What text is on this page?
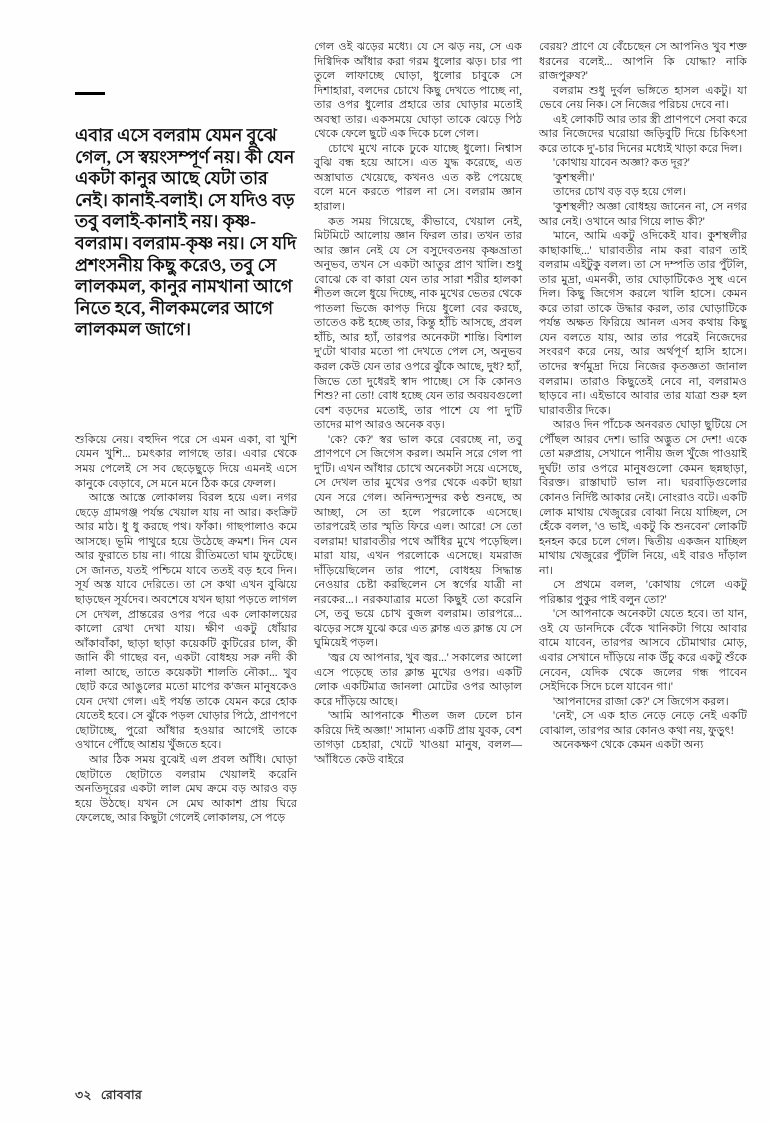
এবার এসে বলরাম যেমন বুঝে গেল, সে স্বয়ংসম্পূর্ণ নয়। কী যেন একটা কানুর আছে যেটা তার নেই। কানাই-বলাই। সে যদিও বড় তবু বলাই-কানাই নয়। কৃষ্ণ-বলরাম। বলরাম-কৃষ্ণ নয়। সে যদি প্রশংসনীয় কিছু করেও, তবু সে লালকমল, কানুর নামখানা আগে নিতে হবে, নীলকমলের আগে লালকমল জাগে।

শুকিয়ে নেয়। বহুদিন পরে সে এমন একা, বা খুশি যেমন খুশি... চমৎকার লাগছে তার। এবার থেকে সময় পেলেই সে সব ছেড়েছুড়ে দিয়ে এমনই এসে কানুকে বেড়াবে, সে মনে মনে ঠিক করে ফেলল।

আস্তে আস্তে লোকালয় বিরল হয়ে এল। নগর ছেড়ে গ্রামগঞ্জ পর্যন্ত খেয়াল যায় না আর। কংক্রিট আর মাঠ। ধু ধু করছে পথ। ফাঁকা। গাছপালাও কমে আসছে। ভূমি পাথুরে হয়ে উঠেছে ক্রমশ। দিন যেন আর ফুরাতে চায় না। গায়ে রীতিমতো ঘাম ফুটেছে। সে জানত, যতই পশ্চিমে যাবে ততই বড় হবে দিন। সূর্য অস্ত যাবে দেরিতে। তা সে কথা এখন বুঝিয়ে ছাড়ছেন সূর্যদেব। অবশেষে যখন ছায়া পড়তে লাগল সে দেখল, প্রান্তরের ওপর পরে এক লোকালয়ের কালো রেখা দেখা যায়। ক্ষীণ একটু ধোঁয়ার আঁকাবাঁকা, ছাড়া ছাড়া কয়েকটি কুটিরের চাল, কী জানি কী গাছের বন, একটা বোধহয় সরু নদী কী নালা আছে, তাতে কয়েকটা শালতি নৌকা... খুব ছোট করে আঙুলের মতো মাপের ক'জন মানুষকেও যেন দেখা গেল। এই পর্যন্ত তাকে যেমন করে হোক যেতেই হবে। সে ঝুঁকে পড়ল ঘোড়ার পিঠে, প্রাণপণে ছোটাচ্ছে, পুরো আঁধার হওয়ার আগেই তাকে ওখানে পৌঁছে আশ্রয় খুঁজতে হবে।

আর ঠিক সময় বুঝেই এল প্রবল আঁধি। ঘোড়া ছোটাতে ছোটাতে বলরাম খেয়ালই করেনি অনতিদূরের একটা লাল মেঘ ক্রমে বড় আরও বড় হয়ে উঠছে। যখন সে মেঘ আকাশ প্রায় ঘিরে ফেলেছে, আর কিছুটা গেলেই লোকালয়, সে পড়ে

গেল ওই ঝড়ের মধ্যে। যে সে ঝড় নয়, সে এক দিগ্বিদিক আঁধার করা গরম ধুলোর ঝড়। চার পা তুলে লাফাচ্ছে ঘোড়া, ধুলোর চাবুকে সে দিশাহারা, বলদের চোখে কিছু দেখতে পাচ্ছে না, তার ওপর ধুলোর প্রহারে তার ঘোড়ার মতোই অবস্থা তার। একসময়ে ঘোড়া তাকে ঝেড়ে পিঠ থেকে ফেলে ছুটে এক দিকে চলে গেল।

চোখে মুখে নাকে ঢুকে যাচ্ছে ধুলো। নিশ্বাস বুঝি বন্ধ হয়ে আসে। এত যুদ্ধ করেছে, এত অস্ত্রাঘাত খেয়েছে, কখনও এত কষ্ট পেয়েছে বলে মনে করতে পারল না সে। বলরাম জ্ঞান হারাল।

কত সময় গিয়েছে, কীভাবে, খেয়াল নেই, মিটমিটে আলোয় জ্ঞান ফিরল তার। তখন তার আর জ্ঞান নেই যে সে বসুদেবতনয় কৃষ্ণভ্রাতা অনুভব, তখন সে একটা আতুর প্রাণ খালি। শুধু বোঝে কে বা কারা যেন তার সারা শরীর হালকা শীতল জলে ধুয়ে দিচ্ছে, নাক মুখের ভেতর থেকে পাতলা ভিজে কাপড় দিয়ে ধুলো বের করছে, তাতেও কষ্ট হচ্ছে তার, কিন্তু হাঁচি আসছে, প্রবল হাঁচি, আর হ্যাঁ, তারপর অনেকটা শান্তি। বিশাল দু'টো থাবার মতো পা দেখতে পেল সে, অনুভব করল কেউ যেন তার ওপরে ঝুঁকে আছে, দুধ? হ্যাঁ, জিভে তো দুধেরই স্বাদ পাচ্ছে। সে কি কোনও শিশু? না তো! বোধ হচ্ছে যেন তার অবয়বগুলো বেশ বড়দের মতোই, তার পাশে যে পা দু'টি তাদের মাপ আরও অনেক বড়।

'কে? কে?' স্বর ভাল করে বেরচ্ছে না, তবু প্রাণপণে সে জিগেস করল। অমনি সরে গেল পা দু'টি। এখন আঁধার চোখে অনেকটা সয়ে এসেছে, সে দেখল তার মুখের ওপর থেকে একটা ছায়া যেন সরে গেল। অনিন্দ্যসুন্দর কণ্ঠ শুনছে, অ আচ্ছা, সে তা হলে পরলোকে এসেছে। তারপরেই তার স্মৃতি ফিরে এল। আরে! সে তো বলরাম! ঘারাবতীর পথে আঁধির মুখে পড়েছিল। মারা যায়, এখন পরলোকে এসেছে। যমরাজ দাঁড়িয়েছিলেন তার পাশে, বোধহয় সিদ্ধান্ত নেওয়ার চেষ্টা করছিলেন সে স্বর্গের যাত্রী না নরকের...। নরকযাত্রার মতো কিছুই তো করেনি সে, তবু ভয়ে চোখ বুজল বলরাম। তারপরে... ঝড়ের সঙ্গে যুঝে করে এত ক্লান্ত এত ক্লান্ত যে সে ঘুমিয়েই পড়ল।

'জ্বর যে আপনার, খুব জ্বর...' সকালের আলো এসে পড়েছে তার ক্লান্ত মুখের ওপর। একটি লোক একটিমাত্র জানলা মোটের ওপর আড়াল করে দাঁড়িয়ে আছে।

'আমি আপনাকে শীতল জল ঢেলে চান করিয়ে দিই অজ্ঞা!' সামান্য একটি প্রায় যুবক, বেশ তাগড়া চেহারা, খেটে খাওয়া মানুষ, বলল— 'আঁধিতে কেউ বাইরে

বেরয়? প্রাণে যে বেঁচেছেন সে আপনিও খুব শক্ত ধরনের বলেই... আপনি কি যোদ্ধা? নাকি রাজপুরুষ?'

বলরাম শুধু দুর্বল ভঙ্গিতে হাসল একটু। যা ভেবে নেয় নিক। সে নিজের পরিচয় দেবে না।

এই লোকটি আর তার স্ত্রী প্রাণপণে সেবা করে আর নিজেদের ঘরোয়া জড়িবুটি দিয়ে চিকিৎসা করে তাকে দু'-চার দিনের মধ্যেই খাড়া করে দিল।

'কোথায় যাবেন অজ্ঞা? কত দূর?'

'কুশস্থলী।'

তাদের চোখ বড় বড় হয়ে গেল।

'কুশস্থলী? অজ্ঞা বোধহয় জানেন না, সে নগর আর নেই। ওখানে আর গিয়ে লাভ কী?'

'মানে, আমি একটু ওদিকেই যাব। কুশস্থলীর কাছাকাছি...' ঘারাবতীর নাম করা বারণ তাই বলরাম এইটুকু বলল। তা সে দম্পতি তার পুঁটলি, তার মুদ্রা, এমনকী, তার ঘোড়াটিকেও সুস্থ এনে দিল। কিছু জিগেস করলে খালি হাসে। কেমন করে তারা তাকে উদ্ধার করল, তার ঘোড়াটিকে পর্যন্ত অক্ষত ফিরিয়ে আনল এসব কথায় কিছু যেন বলতে যায়, আর তার পরেই নিজেদের সংবরণ করে নেয়, আর অর্থপূর্ণ হাসি হাসে। তাদের স্বর্ণমুদ্রা দিয়ে নিজের কৃতজ্ঞতা জানাল বলরাম। তারাও কিছুতেই নেবে না, বলরামও ছাড়বে না। এইভাবে আবার তার যাত্রা শুরু হল ঘারাবতীর দিকে।

আরও দিন পাঁচেক অনবরত ঘোড়া ছুটিয়ে সে পৌঁছল আরব দেশ। ভারি অদ্ভুত সে দেশ! একে তো মরুপ্রায়, সেখানে পানীয় জল খুঁজে পাওয়াই দুর্ঘট! তার ওপরে মানুষগুলো কেমন ছন্নছাড়া, বিরক্ত। রাস্তাঘাট ভাল না। ঘরবাড়িগুলোর কোনও নির্দিষ্ট আকার নেই। নোংরাও বটে। একটি লোক মাথায় খেজুরের বোঝা নিয়ে যাচ্ছিল, সে হেঁকে বলল, 'ও ভাই, একটু কি শুনবেন' লোকটি হনহন করে চলে গেল। দ্বিতীয় একজন যাচ্ছিল মাথায় খেজুরের পুঁটলি নিয়ে, এই বারও দাঁড়াল না।

সে প্রথমে বলল, 'কোথায় গেলে একটু পরিষ্কার পুকুর পাই বলুন তো?'

'সে আপনাকে অনেকটা যেতে হবে। তা যান, ওই যে ডানদিকে বেঁকে খানিকটা গিয়ে আবার বামে যাবেন, তারপর আসবে চৌমাথার মোড়, এবার সেখানে দাঁড়িয়ে নাক উঁচু করে একটু শুঁকে নেবেন, যেদিক থেকে জলের গন্ধ পাবেন সেইদিকে সিদে চলে যাবেন গা।'

'আপনাদের রাজা কে?' সে জিগেস করল।

'নেই', সে এক হাত নেড়ে নেড়ে নেই একটি বোঝাল, তারপর আর কোনও কথা নয়, ফুড়ুৎ!

অনেকক্ষণ থেকে কেমন একটা অন্য

৩২ রোববার
